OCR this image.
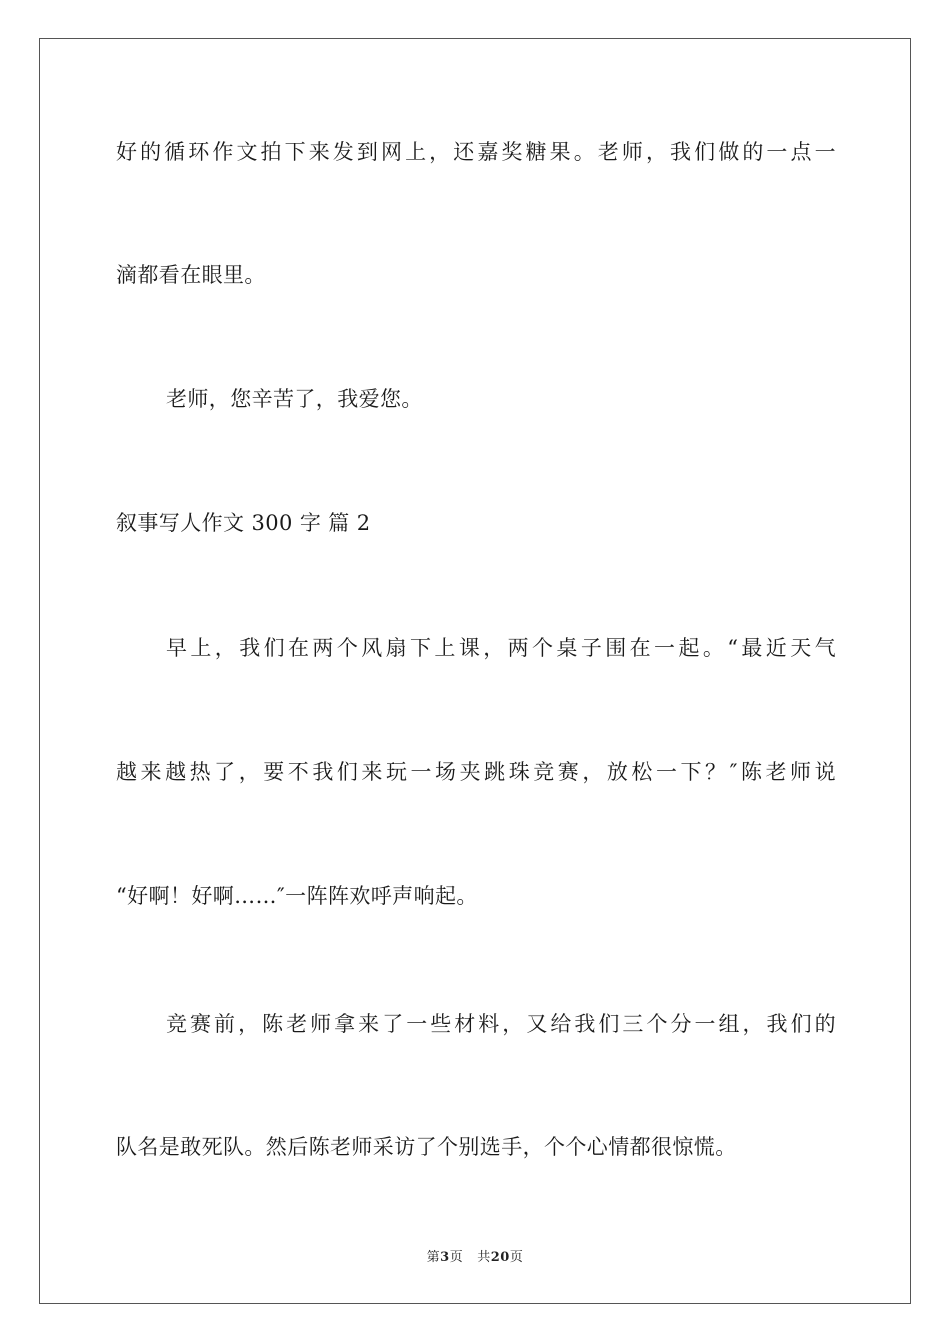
好的循环作文拍下来发到网上，还嘉奖糖果。老师，我们做的一点一
滴都看在眼里。
老师，您辛苦了，我爱您。
叙事写人作文 300 字 篇 2
早上，我们在两个风扇下上课，两个桌子围在一起。“最近天气
越来越热了，要不我们来玩一场夹跳珠竞赛，放松一下？″陈老师说
“好啊！好啊……″一阵阵欢呼声响起。
竞赛前，陈老师拿来了一些材料，又给我们三个分一组，我们的
队名是敢死队。然后陈老师采访了个别选手，个个心情都很惊慌。
第3页 共20页
